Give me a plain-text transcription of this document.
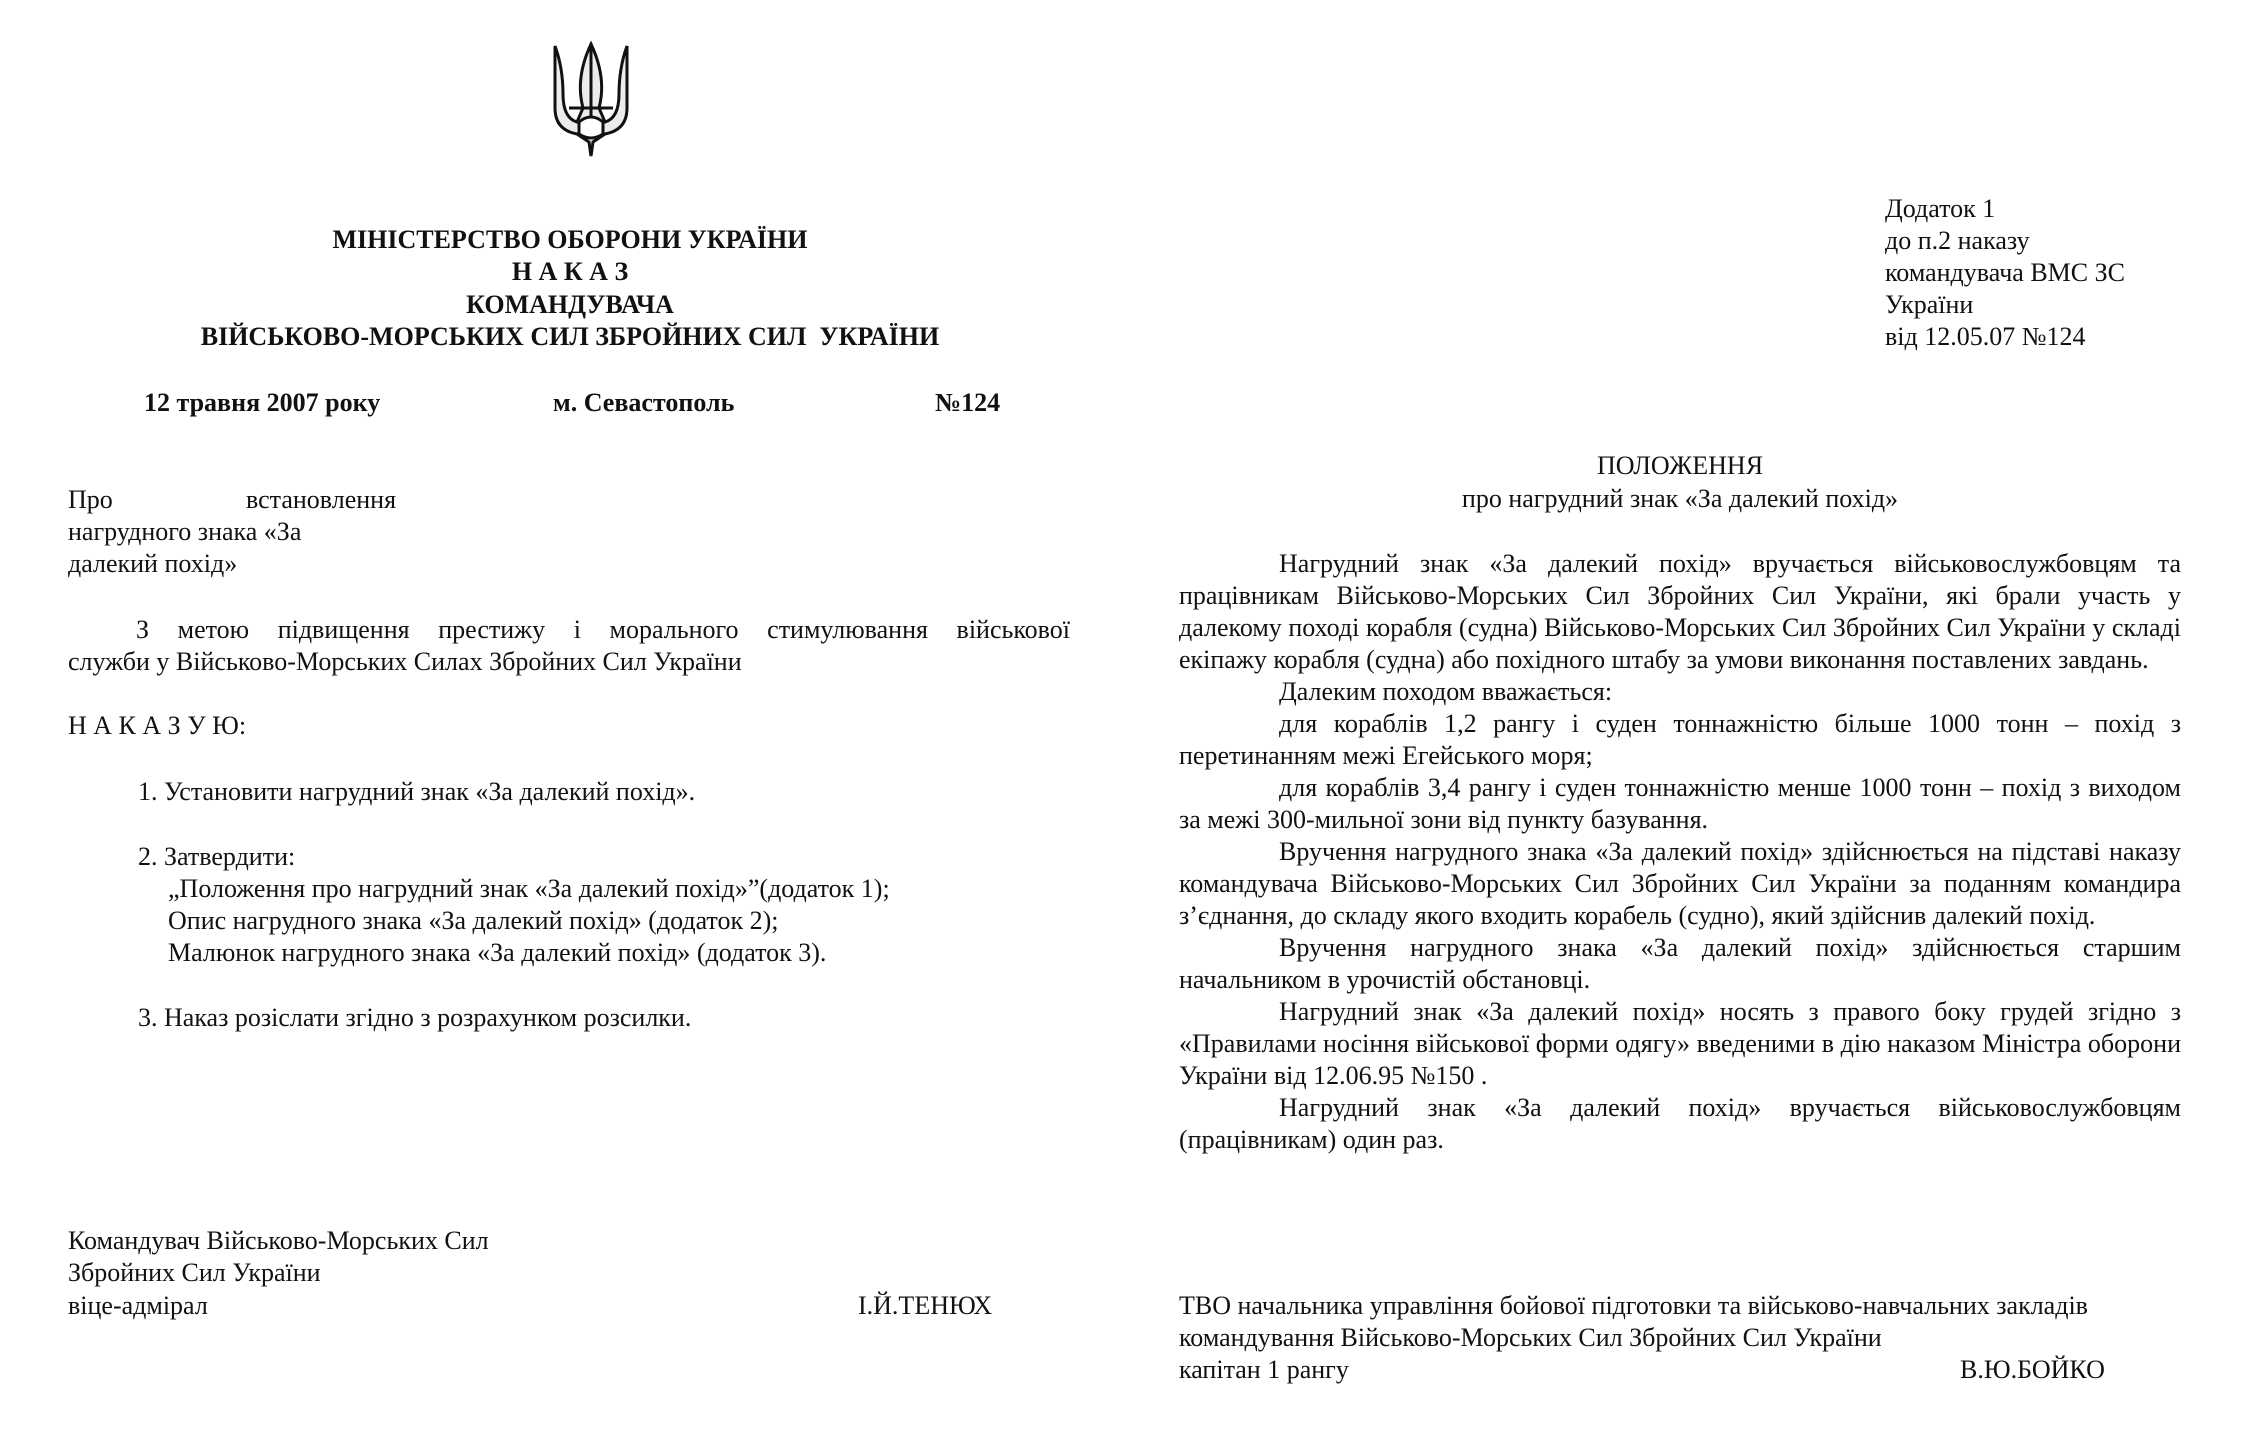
МІНІСТЕРСТВО ОБОРОНИ УКРАЇНИ
Н А К А З
КОМАНДУВАЧА
ВІЙСЬКОВО-МОРСЬКИХ СИЛ ЗБРОЙНИХ СИЛ  УКРАЇНИ
12 травня 2007 року	м. Севастополь	№124
Про	встановлення
нагрудного знака «За
далекий похід»
З метою підвищення престижу і морального стимулювання військової
служби у Військово-Морських Силах Збройних Сил України
Н А К А З У Ю:
1. Установити нагрудний знак «За далекий похід».
2. Затвердити:
„Положення про нагрудний знак «За далекий похід»”(додаток 1);
Опис нагрудного знака «За далекий похід» (додаток 2);
Малюнок нагрудного знака «За далекий похід» (додаток 3).
3. Наказ розіслати згідно з розрахунком розсилки.
Командувач Військово-Морських Сил
Збройних Сил України
віце-адмірал	І.Й.ТЕНЮХ
Додаток 1
до п.2 наказу
командувача ВМС ЗС
України
від 12.05.07 №124
ПОЛОЖЕННЯ
про нагрудний знак «За далекий похід»

Нагрудний знак «За далекий похід» вручається військовослужбовцям та працівникам Військово-Морських Сил Збройних Сил України, які брали участь у далекому поході корабля (судна) Військово-Морських Сил Збройних Сил України у складі екіпажу корабля (судна) або похідного штабу за умови виконання поставлених завдань.

Далеким походом вважається:

для кораблів 1,2 рангу і суден тоннажністю більше 1000 тонн – похід з перетинанням межі Егейського моря;

для кораблів 3,4 рангу і суден тоннажністю менше 1000 тонн – похід з виходом за межі 300-мильної зони від пункту базування.

Вручення нагрудного знака «За далекий похід» здійснюється на підставі наказу командувача Військово-Морських Сил Збройних Сил України за поданням командира з’єднання, до складу якого входить корабель (судно), який здійснив далекий похід.

Вручення нагрудного знака «За далекий похід» здійснюється старшим начальником в урочистій обстановці.

Нагрудний знак «За далекий похід» носять з правого боку грудей згідно з «Правилами носіння військової форми одягу» введеними в дію наказом Міністра оборони України від 12.06.95 №150 .

Нагрудний знак «За далекий похід» вручається військовослужбовцям (працівникам) один раз.

ТВО начальника управління бойової підготовки та військово-навчальних закладів
командування Військово-Морських Сил Збройних Сил України
капітан 1 рангу	В.Ю.БОЙКО
